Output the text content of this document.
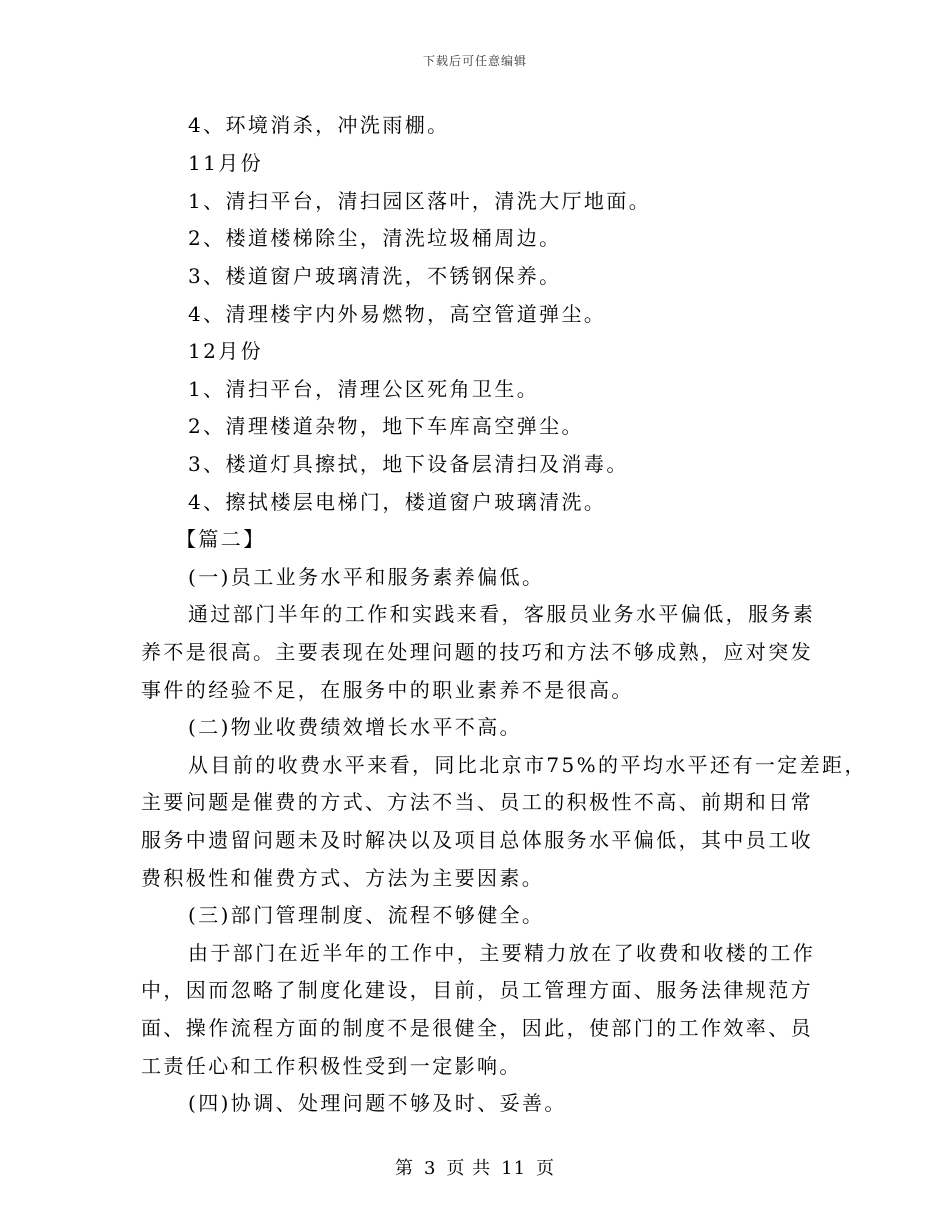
下载后可任意编辑
4、环境消杀，冲洗雨棚。
11月份
1、清扫平台，清扫园区落叶，清洗大厅地面。
2、楼道楼梯除尘，清洗垃圾桶周边。
3、楼道窗户玻璃清洗，不锈钢保养。
4、清理楼宇内外易燃物，高空管道弹尘。
12月份
1、清扫平台，清理公区死角卫生。
2、清理楼道杂物，地下车库高空弹尘。
3、楼道灯具擦拭，地下设备层清扫及消毒。
4、擦拭楼层电梯门，楼道窗户玻璃清洗。
【篇二】
(一)员工业务水平和服务素养偏低。
通过部门半年的工作和实践来看，客服员业务水平偏低，服务素
养不是很高。主要表现在处理问题的技巧和方法不够成熟，应对突发
事件的经验不足，在服务中的职业素养不是很高。
(二)物业收费绩效增长水平不高。
从目前的收费水平来看，同比北京市75%的平均水平还有一定差距，
主要问题是催费的方式、方法不当、员工的积极性不高、前期和日常
服务中遗留问题未及时解决以及项目总体服务水平偏低，其中员工收
费积极性和催费方式、方法为主要因素。
(三)部门管理制度、流程不够健全。
由于部门在近半年的工作中，主要精力放在了收费和收楼的工作
中，因而忽略了制度化建设，目前，员工管理方面、服务法律规范方
面、操作流程方面的制度不是很健全，因此，使部门的工作效率、员
工责任心和工作积极性受到一定影响。
(四)协调、处理问题不够及时、妥善。
第 3 页 共 11 页
